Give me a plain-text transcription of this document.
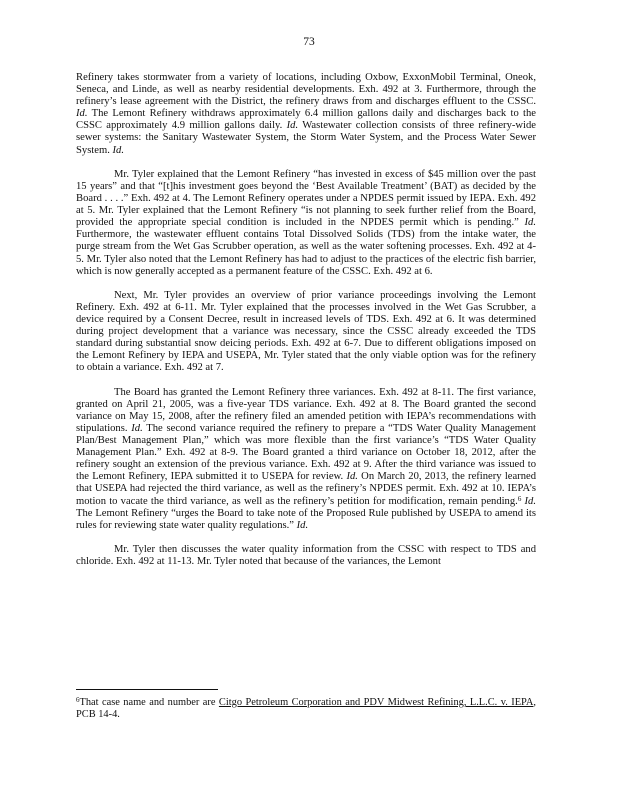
73

Refinery takes stormwater from a variety of locations, including Oxbow, ExxonMobil Terminal, Oneok, Seneca, and Linde, as well as nearby residential developments. Exh. 492 at 3. Furthermore, through the refinery’s lease agreement with the District, the refinery draws from and discharges effluent to the CSSC. Id. The Lemont Refinery withdraws approximately 6.4 million gallons daily and discharges back to the CSSC approximately 4.9 million gallons daily. Id. Wastewater collection consists of three refinery-wide sewer systems: the Sanitary Wastewater System, the Storm Water System, and the Process Water Sewer System. Id.

Mr. Tyler explained that the Lemont Refinery “has invested in excess of $45 million over the past 15 years” and that “[t]his investment goes beyond the ‘Best Available Treatment’ (BAT) as decided by the Board . . . .” Exh. 492 at 4. The Lemont Refinery operates under a NPDES permit issued by IEPA. Exh. 492 at 5. Mr. Tyler explained that the Lemont Refinery “is not planning to seek further relief from the Board, provided the appropriate special condition is included in the NPDES permit which is pending.” Id. Furthermore, the wastewater effluent contains Total Dissolved Solids (TDS) from the intake water, the purge stream from the Wet Gas Scrubber operation, as well as the water softening processes. Exh. 492 at 4-5. Mr. Tyler also noted that the Lemont Refinery has had to adjust to the practices of the electric fish barrier, which is now generally accepted as a permanent feature of the CSSC. Exh. 492 at 6.

Next, Mr. Tyler provides an overview of prior variance proceedings involving the Lemont Refinery. Exh. 492 at 6-11. Mr. Tyler explained that the processes involved in the Wet Gas Scrubber, a device required by a Consent Decree, result in increased levels of TDS. Exh. 492 at 6. It was determined during project development that a variance was necessary, since the CSSC already exceeded the TDS standard during substantial snow deicing periods. Exh. 492 at 6-7. Due to different obligations imposed on the Lemont Refinery by IEPA and USEPA, Mr. Tyler stated that the only viable option was for the refinery to obtain a variance. Exh. 492 at 7.

The Board has granted the Lemont Refinery three variances. Exh. 492 at 8-11. The first variance, granted on April 21, 2005, was a five-year TDS variance. Exh. 492 at 8. The Board granted the second variance on May 15, 2008, after the refinery filed an amended petition with IEPA’s recommendations with stipulations. Id. The second variance required the refinery to prepare a “TDS Water Quality Management Plan/Best Management Plan,” which was more flexible than the first variance’s “TDS Water Quality Management Plan.” Exh. 492 at 8-9. The Board granted a third variance on October 18, 2012, after the refinery sought an extension of the previous variance. Exh. 492 at 9. After the third variance was issued to the Lemont Refinery, IEPA submitted it to USEPA for review. Id. On March 20, 2013, the refinery learned that USEPA had rejected the third variance, as well as the refinery’s NPDES permit. Exh. 492 at 10. IEPA’s motion to vacate the third variance, as well as the refinery’s petition for modification, remain pending.$^6$ Id. The Lemont Refinery “urges the Board to take note of the Proposed Rule published by USEPA to amend its rules for reviewing state water quality regulations.” Id.

Mr. Tyler then discusses the water quality information from the CSSC with respect to TDS and chloride. Exh. 492 at 11-13. Mr. Tyler noted that because of the variances, the Lemont

$^6$That case name and number are Citgo Petroleum Corporation and PDV Midwest Refining, L.L.C. v. IEPA, PCB 14-4.
